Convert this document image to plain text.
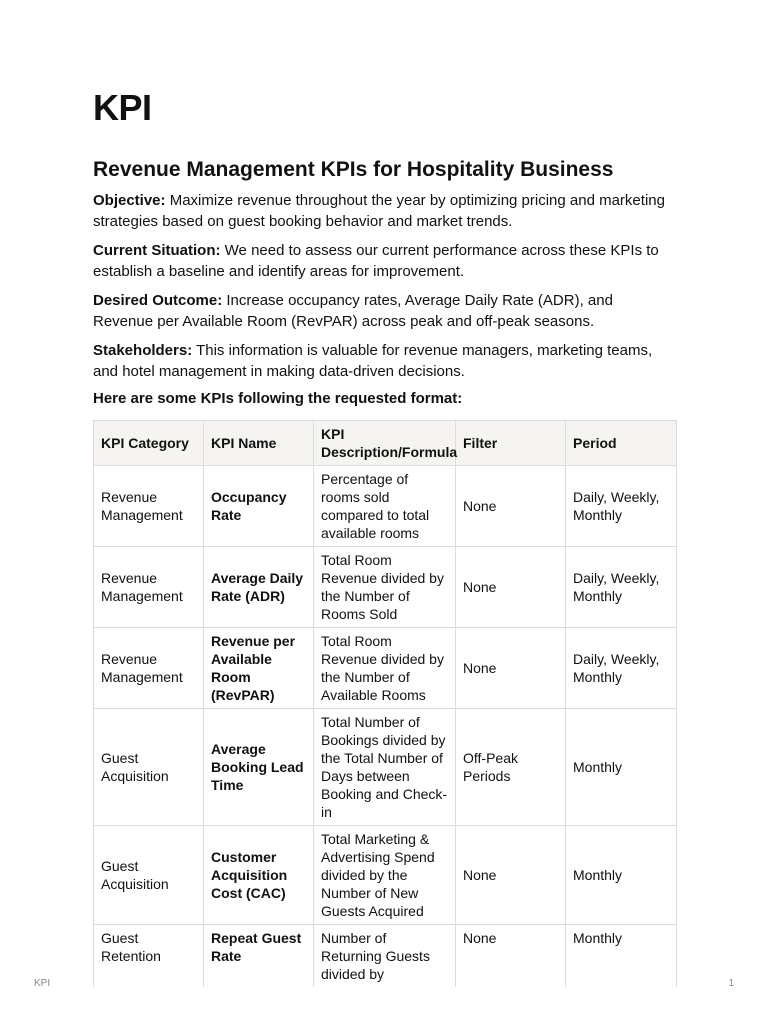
KPI
Revenue Management KPIs for Hospitality Business

Objective: Maximize revenue throughout the year by optimizing pricing and marketing strategies based on guest booking behavior and market trends.

Current Situation: We need to assess our current performance across these KPIs to establish a baseline and identify areas for improvement.

Desired Outcome: Increase occupancy rates, Average Daily Rate (ADR), and Revenue per Available Room (RevPAR) across peak and off-peak seasons.

Stakeholders: This information is valuable for revenue managers, marketing teams, and hotel management in making data-driven decisions.

Here are some KPIs following the requested format:

KPI Category	KPI Name	KPI Description/Formula	Filter	Period
Revenue Management	Occupancy Rate	Percentage of rooms sold compared to total available rooms	None	Daily, Weekly, Monthly
Revenue Management	Average Daily Rate (ADR)	Total Room Revenue divided by the Number of Rooms Sold	None	Daily, Weekly, Monthly
Revenue Management	Revenue per Available Room (RevPAR)	Total Room Revenue divided by the Number of Available Rooms	None	Daily, Weekly, Monthly
Guest Acquisition	Average Booking Lead Time	Total Number of Bookings divided by the Total Number of Days between Booking and Check-in	Off-Peak Periods	Monthly
Guest Acquisition	Customer Acquisition Cost (CAC)	Total Marketing & Advertising Spend divided by the Number of New Guests Acquired	None	Monthly
Guest Retention	Repeat Guest Rate	Number of Returning Guests divided by	None	Monthly
KPI	1
